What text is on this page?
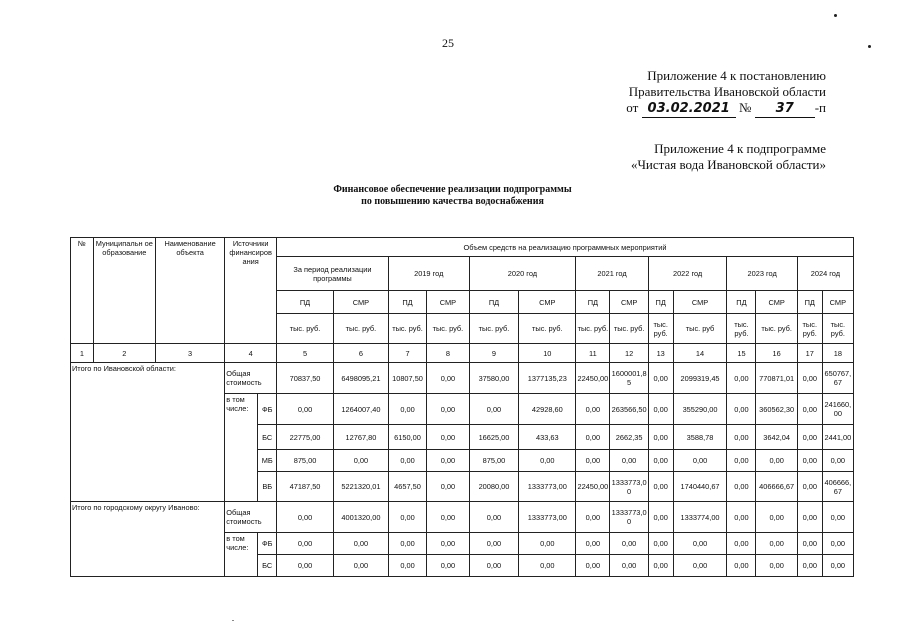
25
Приложение 4 к постановлению
Правительства Ивановской области
от 03.02.2021 № 37 -п
Приложение 4 к подпрограмме
«Чистая вода Ивановской области»
Финансовое обеспечение реализации подпрограммы
по повышению качества водоснабжения
№	Муниципальн ое образование	Наименование объекта	Источники финансиров ания		Объем средств на реализацию программных мероприятий													
					За период реализации программы		2019 год		2020 год		2021 год		2022 год		2023 год		2024 год	
					ПД	СМР	ПД	СМР	ПД	СМР	ПД	СМР	ПД	СМР	ПД	СМР	ПД	СМР
					тыс. руб.	тыс. руб.	тыс. руб.	тыс. руб.	тыс. руб.	тыс. руб.	тыс. руб.	тыс. руб.	тыс. руб.	тыс. руб	тыс. руб.	тыс. руб.	тыс. руб.	тыс. руб.
1	2	3	4		5	6	7	8	9	10	11	12	13	14	15	16	17	18
Итого по Ивановской области:			Общая стоимость		70837,50	6498095,21	10807,50	0,00	37580,00	1377135,23	22450,00	1600001,85	0,00	2099319,45	0,00	770871,01	0,00	650767,67
			в том числе:	ФБ	0,00	1264007,40	0,00	0,00	0,00	42928,60	0,00	263566,50	0,00	355290,00	0,00	360562,30	0,00	241660,00
				БС	22775,00	12767,80	6150,00	0,00	16625,00	433,63	0,00	2662,35	0,00	3588,78	0,00	3642,04	0,00	2441,00
				МБ	875,00	0,00	0,00	0,00	875,00	0,00	0,00	0,00	0,00	0,00	0,00	0,00	0,00	0,00
				ВБ	47187,50	5221320,01	4657,50	0,00	20080,00	1333773,00	22450,00	1333773,00	0,00	1740440,67	0,00	406666,67	0,00	406666,67
Итого по городскому округу Иваново:			Общая стоимость		0,00	4001320,00	0,00	0,00	0,00	1333773,00	0,00	1333773,00	0,00	1333774,00	0,00	0,00	0,00	0,00
			в том числе:	ФБ	0,00	0,00	0,00	0,00	0,00	0,00	0,00	0,00	0,00	0,00	0,00	0,00	0,00	0,00
				БС	0,00	0,00	0,00	0,00	0,00	0,00	0,00	0,00	0,00	0,00	0,00	0,00	0,00	0,00
